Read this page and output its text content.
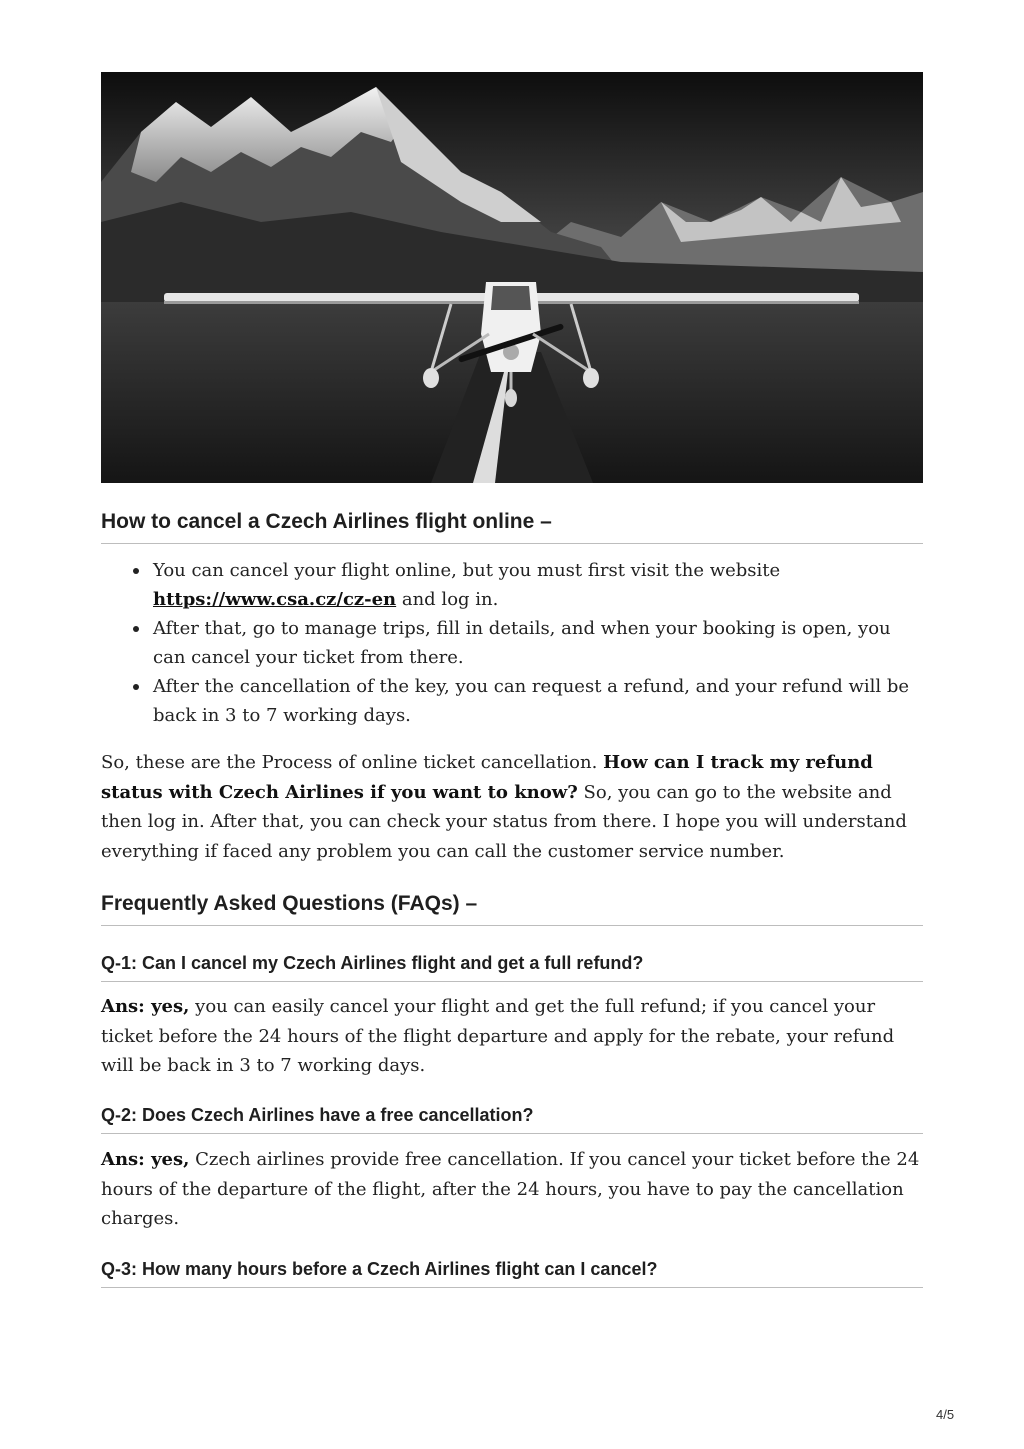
How to cancel a Czech Airlines flight online –
You can cancel your flight online, but you must first visit the website
https://www.csa.cz/cz-en and log in.
After that, go to manage trips, fill in details, and when your booking is open, you can cancel your ticket from there.
After the cancellation of the key, you can request a refund, and your refund will be back in 3 to 7 working days.

So, these are the Process of online ticket cancellation. How can I track my refund status with Czech Airlines if you want to know? So, you can go to the website and then log in. After that, you can check your status from there. I hope you will understand everything if faced any problem you can call the customer service number.

Frequently Asked Questions (FAQs) –
Q-1: Can I cancel my Czech Airlines flight and get a full refund?

Ans: yes, you can easily cancel your flight and get the full refund; if you cancel your ticket before the 24 hours of the flight departure and apply for the rebate, your refund will be back in 3 to 7 working days.

Q-2: Does Czech Airlines have a free cancellation?

Ans: yes, Czech airlines provide free cancellation. If you cancel your ticket before the 24 hours of the departure of the flight, after the 24 hours, you have to pay the cancellation charges.

Q-3: How many hours before a Czech Airlines flight can I cancel?
4/5
